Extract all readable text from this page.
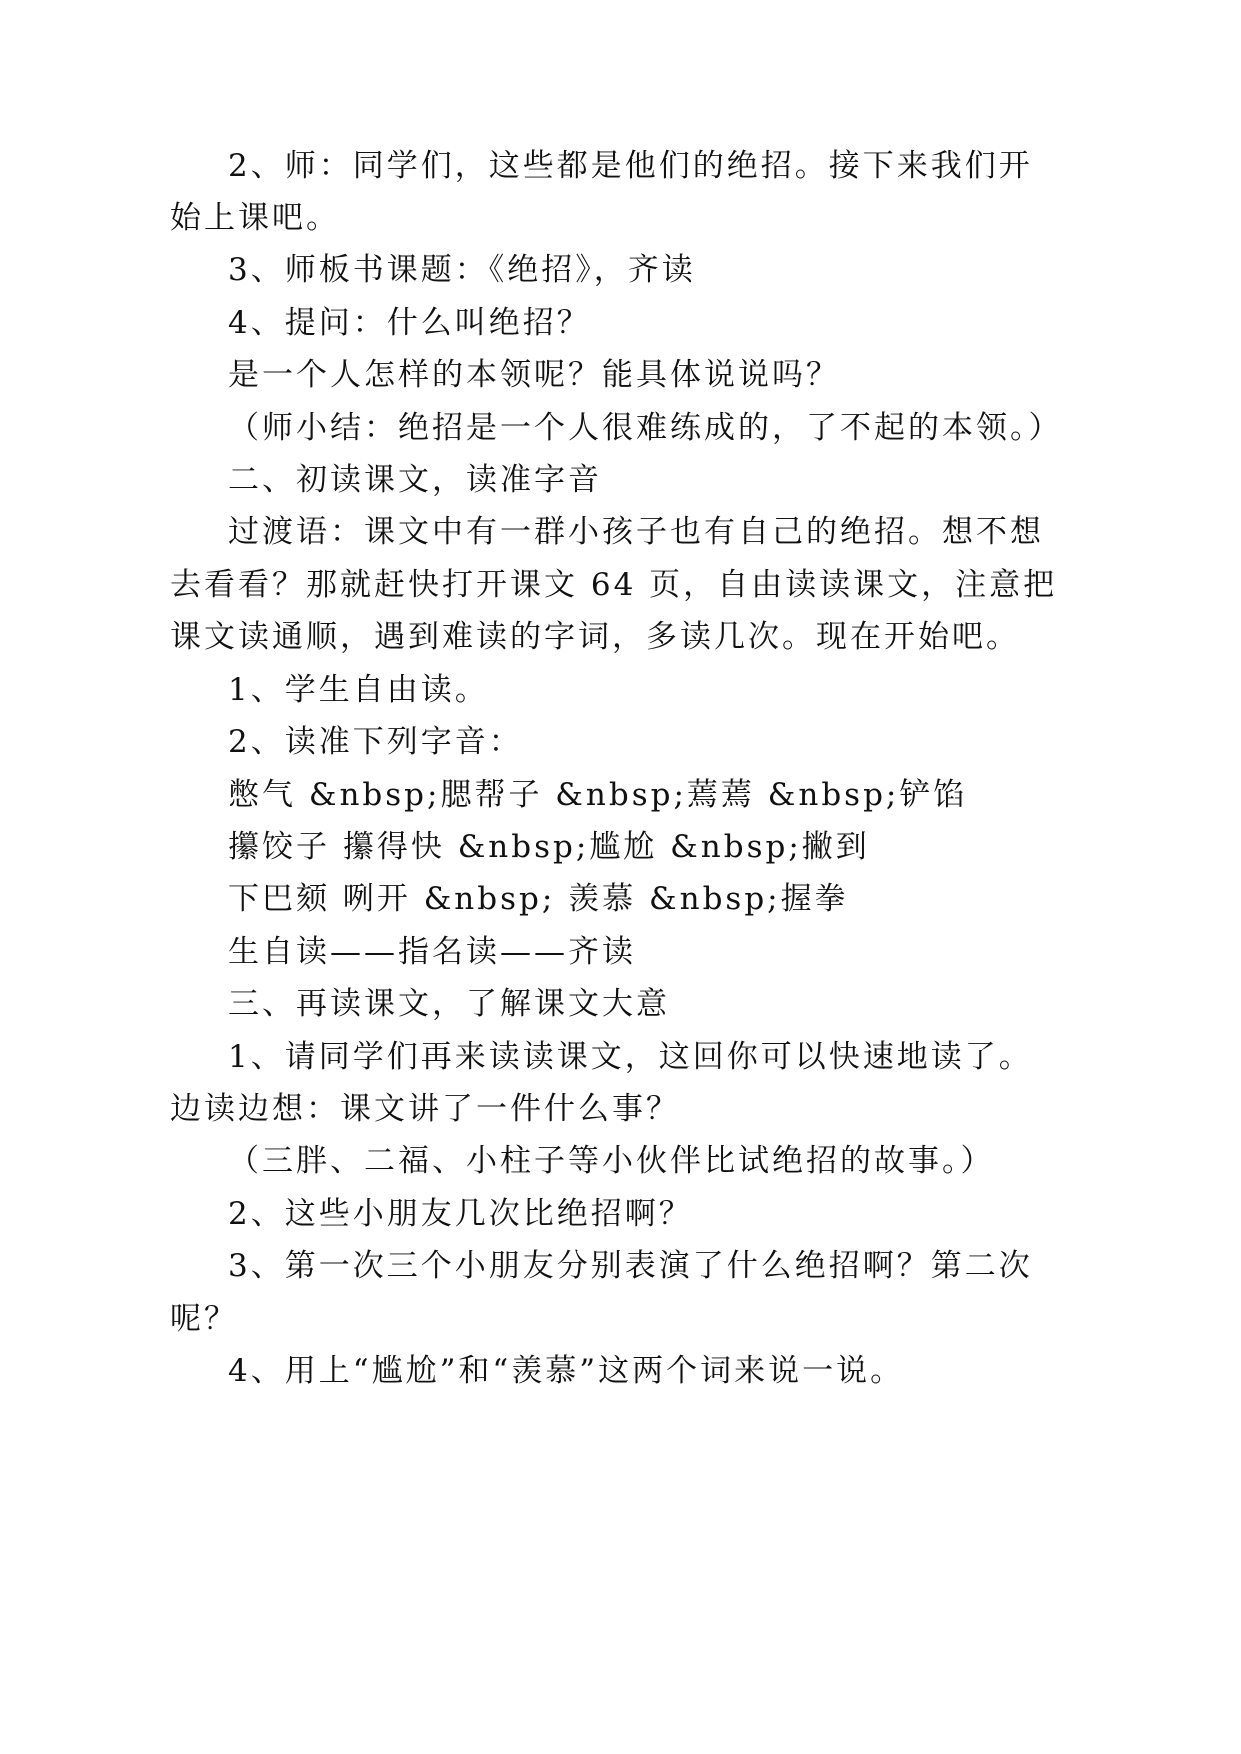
2、师：同学们，这些都是他们的绝招。接下来我们开
始上课吧。
3、师板书课题：《绝招》，齐读
4、提问：什么叫绝招？
是一个人怎样的本领呢？能具体说说吗？
（师小结：绝招是一个人很难练成的，了不起的本领。）
二、初读课文，读准字音
过渡语：课文中有一群小孩子也有自己的绝招。想不想
去看看？那就赶快打开课文 64 页，自由读读课文，注意把
课文读通顺，遇到难读的字词，多读几次。现在开始吧。
1、学生自由读。
2、读准下列字音：
憋气 &nbsp;腮帮子 &nbsp;蔫蔫 &nbsp;铲馅
攥饺子 攥得快 &nbsp;尴尬 &nbsp;撇到
下巴颏 咧开 &nbsp; 羡慕 &nbsp;握拳
生自读——指名读——齐读
三、再读课文，了解课文大意
1、请同学们再来读读课文，这回你可以快速地读了。
边读边想：课文讲了一件什么事？
（三胖、二福、小柱子等小伙伴比试绝招的故事。）
2、这些小朋友几次比绝招啊？
3、第一次三个小朋友分别表演了什么绝招啊？第二次
呢？
4、用上“尴尬”和“羡慕”这两个词来说一说。
